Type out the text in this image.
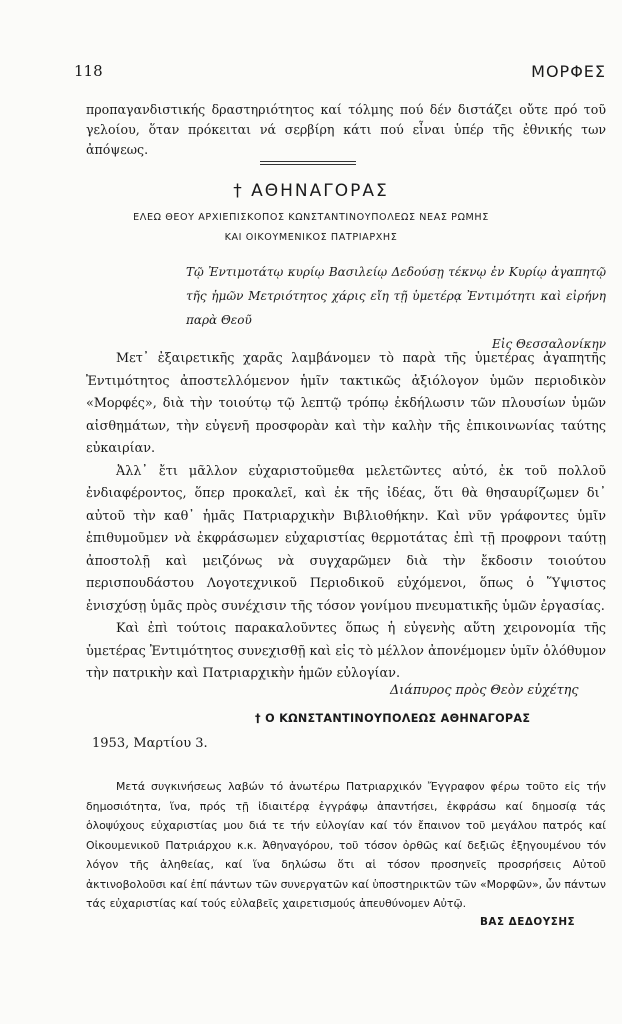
118	ΜΟΡΦΕΣ

προπαγανδιστικής δραστηριότητος καί τόλμης πού δέν διστάζει οὔτε πρό τοῦ γελοίου, ὅταν πρόκειται νά σερβίρη κάτι πού εἶναι ὑπέρ τῆς ἐθνικής των ἀπόψεως.

† ΑΘΗΝΑΓΟΡΑΣ
ΕΛΕΩ ΘΕΟΥ ΑΡΧΙΕΠΙΣΚΟΠΟΣ ΚΩΝΣΤΑΝΤΙΝΟΥΠΟΛΕΩΣ ΝΕΑΣ ΡΩΜΗΣ
ΚΑΙ ΟΙΚΟΥΜΕΝΙΚΟΣ ΠΑΤΡΙΑΡΧΗΣ
Τῷ Ἐντιμοτάτῳ κυρίῳ Βασιλείῳ Δεδούσῃ τέκνῳ ἐν Κυρίῳ ἀγαπητῷ τῆς ἡμῶν Μετριότητος χάρις εἴη τῇ ὑμετέρᾳ Ἐντιμότητι καὶ εἰρήνη παρὰ Θεοῦ
Εἰς Θεσσαλονίκην

Μετ᾽ ἐξαιρετικῆς χαρᾶς λαμβάνομεν τὸ παρὰ τῆς ὑμετέρας ἀγαπητῆς Ἐντιμότητος ἀποστελλόμενον ἡμῖν τακτικῶς ἀξιόλογον ὑμῶν περιοδικὸν «Μορφές», διὰ τὴν τοιούτῳ τῷ λεπτῷ τρόπῳ ἐκδήλωσιν τῶν πλουσίων ὑμῶν αἰσθημάτων, τὴν εὐγενῆ προσφορὰν καὶ τὴν καλὴν τῆς ἐπικοινωνίας ταύτης εὐκαιρίαν.

Ἀλλ᾽ ἔτι μᾶλλον εὐχαριστοῦμεθα μελετῶντες αὐτό, ἐκ τοῦ πολλοῦ ἐνδιαφέροντος, ὅπερ προκαλεῖ, καὶ ἐκ τῆς ἰδέας, ὅτι θὰ θησαυρίζωμεν δι᾽ αὐτοῦ τὴν καθ᾽ ἡμᾶς Πατριαρχικὴν Βιβλιοθήκην. Καὶ νῦν γράφοντες ὑμῖν ἐπιθυμοῦμεν νὰ ἐκφράσωμεν εὐχαριστίας θερμοτάτας ἐπὶ τῇ προφρονι ταύτῃ ἀποστολῇ καὶ μειζόνως νὰ συγχαρῶμεν διὰ τὴν ἔκδοσιν τοιούτου περισπουδάστου Λογοτεχνικοῦ Περιοδικοῦ εὐχόμενοι, ὅπως ὁ Ὕψιστος ἐνισχύσῃ ὑμᾶς πρὸς συνέχισιν τῆς τόσον γονίμου πνευματικῆς ὑμῶν ἐργασίας.

Καὶ ἐπὶ τούτοις παρακαλοῦντες ὅπως ἡ εὐγενὴς αὕτη χειρονομία τῆς ὑμετέρας Ἐντιμότητος συνεχισθῇ καὶ εἰς τὸ μέλλον ἀπονέμομεν ὑμῖν ὁλόθυμον τὴν πατρικὴν καὶ Πατριαρχικὴν ἡμῶν εὐλογίαν.

Διάπυρος πρὸς Θεὸν εὐχέτης
† Ο ΚΩΝΣΤΑΝΤΙΝΟΥΠΟΛΕΩΣ ΑΘΗΝΑΓΟΡΑΣ
1953, Μαρτίου 3.

Μετά συγκινήσεως λαβών τό ἀνωτέρω Πατριαρχικόν Ἔγγραφον φέρω τοῦτο εἰς τήν δημοσιότητα, ἵνα, πρός τῇ ἰδιαιτέρᾳ ἐγγράφῳ ἀπαντήσει, ἐκφράσω καί δημοσίᾳ τάς ὁλοψύχους εὐχαριστίας μου διά τε τήν εὐλογίαν καί τόν ἔπαινον τοῦ μεγάλου πατρός καί Οἰκουμενικοῦ Πατριάρχου κ.κ. Ἀθηναγόρου, τοῦ τόσον ὀρθῶς καί δεξιῶς ἐξηγουμένου τόν λόγον τῆς ἀληθείας, καί ἵνα δηλώσω ὅτι αἱ τόσον προσηνεῖς προσρήσεις Αὐτοῦ ἀκτινοβολοῦσι καί ἐπί πάντων τῶν συνεργατῶν καί ὑποστηρικτῶν τῶν «Μορφῶν», ὧν πάντων τάς εὐχαριστίας καί τούς εὐλαβεῖς χαιρετισμούς ἀπευθύνομεν Αὐτῷ.

ΒΑΣ ΔΕΔΟΥΣΗΣ
